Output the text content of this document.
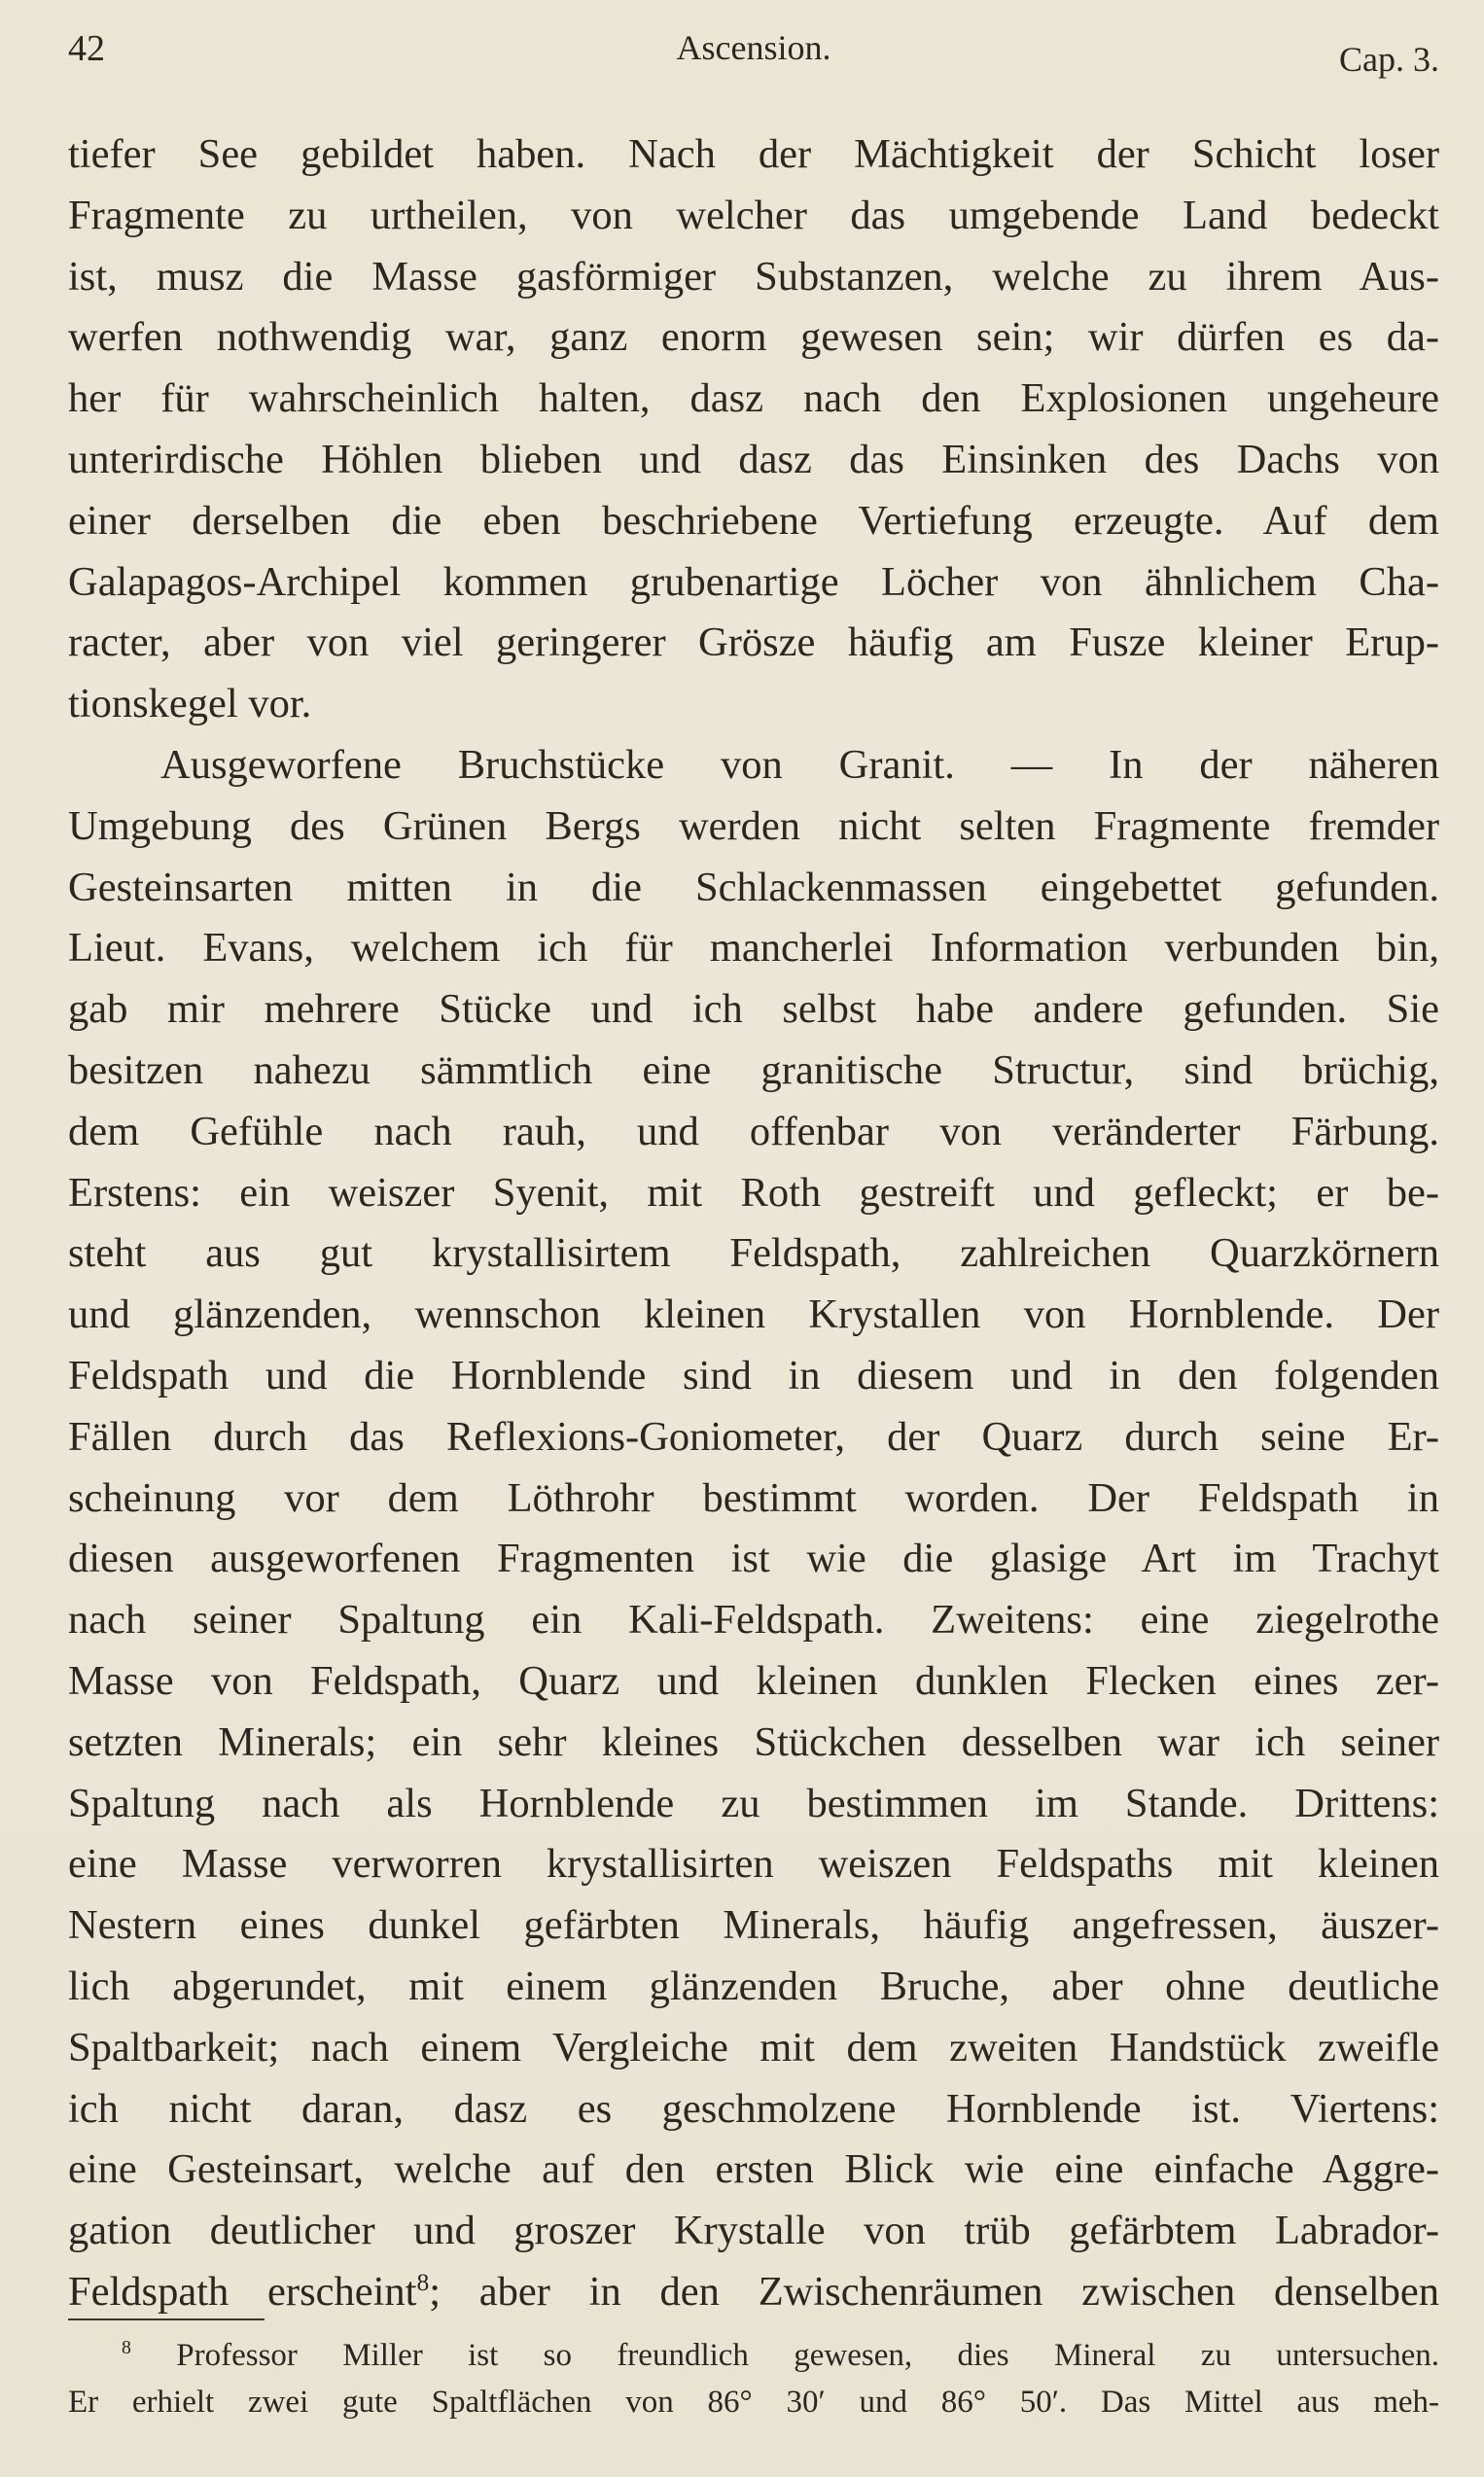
42	Ascension.	Cap. 3.
tiefer See gebildet haben. Nach der Mächtigkeit der Schicht loser
Fragmente zu urtheilen, von welcher das umgebende Land bedeckt
ist, musz die Masse gasförmiger Substanzen, welche zu ihrem Aus-
werfen nothwendig war, ganz enorm gewesen sein; wir dürfen es da-
her für wahrscheinlich halten, dasz nach den Explosionen ungeheure
unterirdische Höhlen blieben und dasz das Einsinken des Dachs von
einer derselben die eben beschriebene Vertiefung erzeugte. Auf dem
Galapagos-Archipel kommen grubenartige Löcher von ähnlichem Cha-
racter, aber von viel geringerer Grösze häufig am Fusze kleiner Erup-
tionskegel vor.
Ausgeworfene Bruchstücke von Granit. — In der näheren
Umgebung des Grünen Bergs werden nicht selten Fragmente fremder
Gesteinsarten mitten in die Schlackenmassen eingebettet gefunden.
Lieut. Evans, welchem ich für mancherlei Information verbunden bin,
gab mir mehrere Stücke und ich selbst habe andere gefunden. Sie
besitzen nahezu sämmtlich eine granitische Structur, sind brüchig,
dem Gefühle nach rauh, und offenbar von veränderter Färbung.
Erstens: ein weiszer Syenit, mit Roth gestreift und gefleckt; er be-
steht aus gut krystallisirtem Feldspath, zahlreichen Quarzkörnern
und glänzenden, wennschon kleinen Krystallen von Hornblende. Der
Feldspath und die Hornblende sind in diesem und in den folgenden
Fällen durch das Reflexions-Goniometer, der Quarz durch seine Er-
scheinung vor dem Löthrohr bestimmt worden. Der Feldspath in
diesen ausgeworfenen Fragmenten ist wie die glasige Art im Trachyt
nach seiner Spaltung ein Kali-Feldspath. Zweitens: eine ziegelrothe
Masse von Feldspath, Quarz und kleinen dunklen Flecken eines zer-
setzten Minerals; ein sehr kleines Stückchen desselben war ich seiner
Spaltung nach als Hornblende zu bestimmen im Stande. Drittens:
eine Masse verworren krystallisirten weiszen Feldspaths mit kleinen
Nestern eines dunkel gefärbten Minerals, häufig angefressen, äuszer-
lich abgerundet, mit einem glänzenden Bruche, aber ohne deutliche
Spaltbarkeit; nach einem Vergleiche mit dem zweiten Handstück zweifle
ich nicht daran, dasz es geschmolzene Hornblende ist. Viertens:
eine Gesteinsart, welche auf den ersten Blick wie eine einfache Aggre-
gation deutlicher und groszer Krystalle von trüb gefärbtem Labrador-
Feldspath erscheint$^8$; aber in den Zwischenräumen zwischen denselben
$^8$ Professor Miller ist so freundlich gewesen, dies Mineral zu untersuchen.
Er erhielt zwei gute Spaltflächen von 86° 30′ und 86° 50′. Das Mittel aus meh-
